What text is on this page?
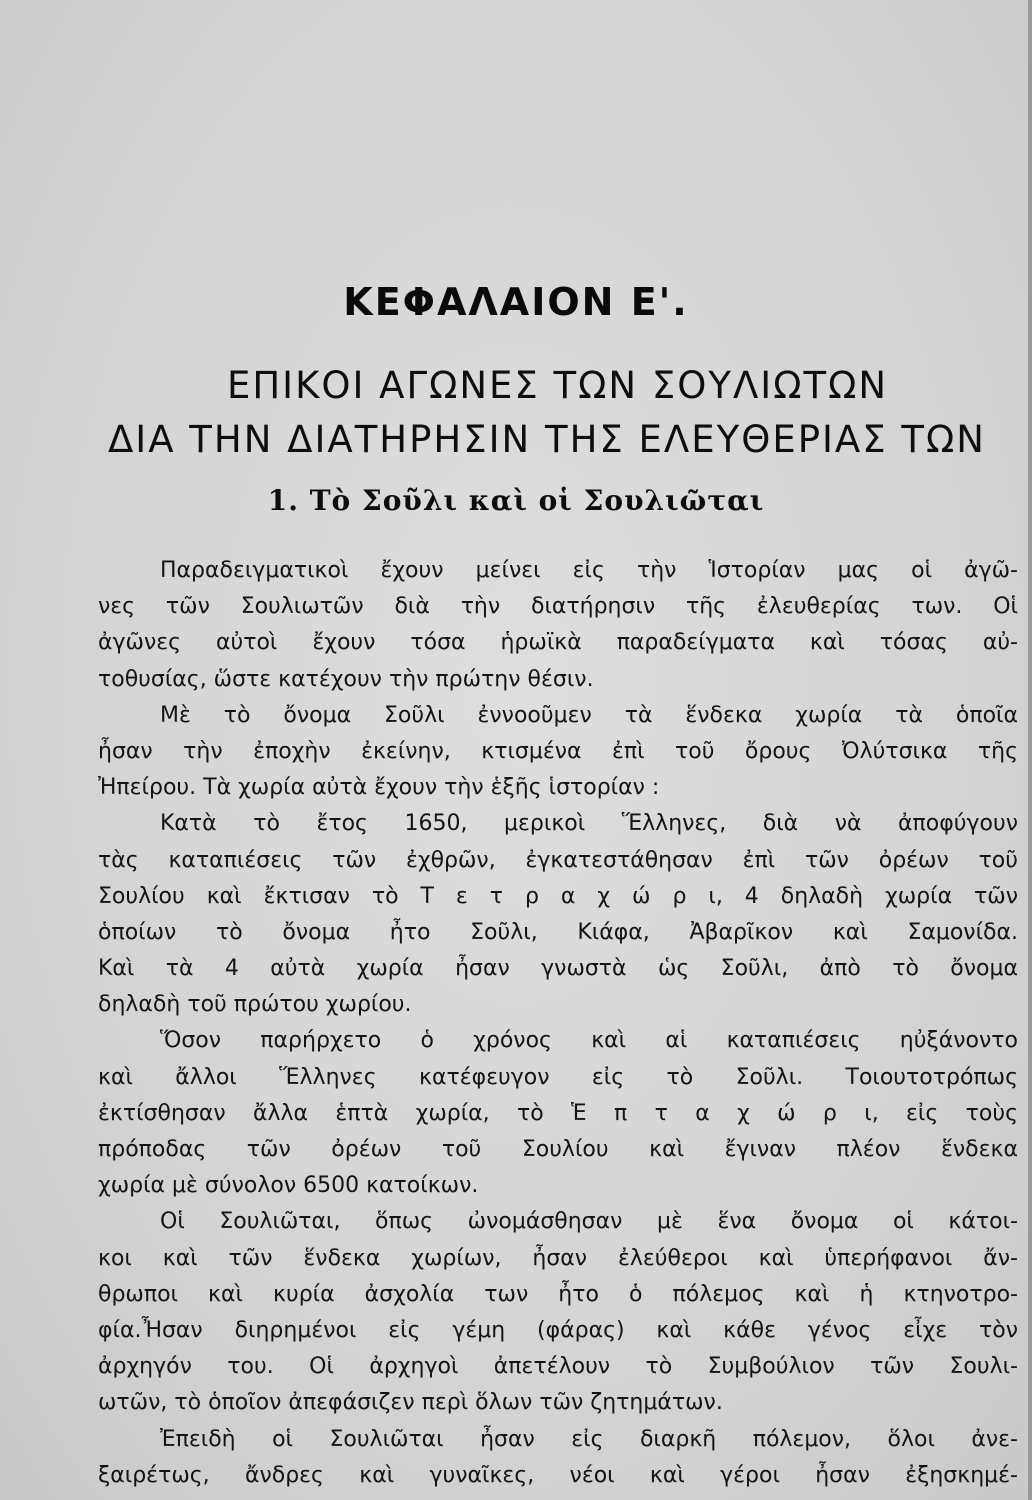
ΚΕΦΑΛΑΙΟΝ Ε'.
ΕΠΙΚΟΙ ΑΓΩΝΕΣ ΤΩΝ ΣΟΥΛΙΩΤΩΝ
ΔΙΑ ΤΗΝ ΔΙΑΤΗΡΗΣΙΝ ΤΗΣ ΕΛΕΥΘΕΡΙΑΣ ΤΩΝ
1. Τὸ Σοῦλι καὶ οἱ Σουλιῶται
Παραδειγματικοὶ ἔχουν μείνει εἰς τὴν Ἱστορίαν μας οἱ ἀγῶ-
νες τῶν Σουλιωτῶν διὰ τὴν διατήρησιν τῆς ἐλευθερίας των. Οἱ
ἀγῶνες αὐτοὶ ἔχουν τόσα ἡρωϊκὰ παραδείγματα καὶ τόσας αὐ-
τοθυσίας, ὥστε κατέχουν τὴν πρώτην θέσιν.
Μὲ τὸ ὄνομα Σοῦλι ἐννοοῦμεν τὰ ἕνδεκα χωρία τὰ ὁποῖα
ἦσαν τὴν ἐποχὴν ἐκείνην, κτισμένα ἐπὶ τοῦ ὄρους Ὀλύτσικα τῆς
Ἠπείρου. Τὰ χωρία αὐτὰ ἔχουν τὴν ἑξῆς ἱστορίαν :
Κατὰ τὸ ἔτος 1650, μερικοὶ Ἕλληνες, διὰ νὰ ἀποφύγουν
τὰς καταπιέσεις τῶν ἐχθρῶν, ἐγκατεστάθησαν ἐπὶ τῶν ὀρέων τοῦ
Σουλίου καὶ ἔκτισαν τὸ Τ ε τ ρ α χ ώ ρ ι, 4 δηλαδὴ χωρία τῶν
ὁποίων τὸ ὄνομα ἦτο Σοῦλι, Κιάφα, Ἀβαρῖκον καὶ Σαμονίδα.
Καὶ τὰ 4 αὐτὰ χωρία ἦσαν γνωστὰ ὡς Σοῦλι, ἀπὸ τὸ ὄνομα
δηλαδὴ τοῦ πρώτου χωρίου.
Ὅσον παρήρχετο ὁ χρόνος καὶ αἱ καταπιέσεις ηὐξάνοντο
καὶ ἄλλοι Ἕλληνες κατέφευγον εἰς τὸ Σοῦλι. Τοιουτοτρόπως
ἐκτίσθησαν ἄλλα ἑπτὰ χωρία, τὸ Ἑ π τ α χ ώ ρ ι, εἰς τοὺς
πρόποδας τῶν ὀρέων τοῦ Σουλίου καὶ ἔγιναν πλέον ἕνδεκα
χωρία μὲ σύνολον 6500 κατοίκων.
Οἱ Σουλιῶται, ὅπως ὠνομάσθησαν μὲ ἕνα ὄνομα οἱ κάτοι-
κοι καὶ τῶν ἕνδεκα χωρίων, ἦσαν ἐλεύθεροι καὶ ὑπερήφανοι ἄν-
θρωποι καὶ κυρία ἀσχολία των ἦτο ὁ πόλεμος καὶ ἡ κτηνοτρο-
φία.Ἦσαν διηρημένοι εἰς γέμη (φάρας) καὶ κάθε γένος εἶχε τὸν
ἀρχηγόν του. Οἱ ἀρχηγοὶ ἀπετέλουν τὸ Συμβούλιον τῶν Σουλι-
ωτῶν, τὸ ὁποῖον ἀπεφάσιζεν περὶ ὅλων τῶν ζητημάτων.
Ἐπειδὴ οἱ Σουλιῶται ἦσαν εἰς διαρκῆ πόλεμον, ὅλοι ἀνε-
ξαιρέτως, ἄνδρες καὶ γυναῖκες, νέοι καὶ γέροι ἦσαν ἐξησκημέ-
